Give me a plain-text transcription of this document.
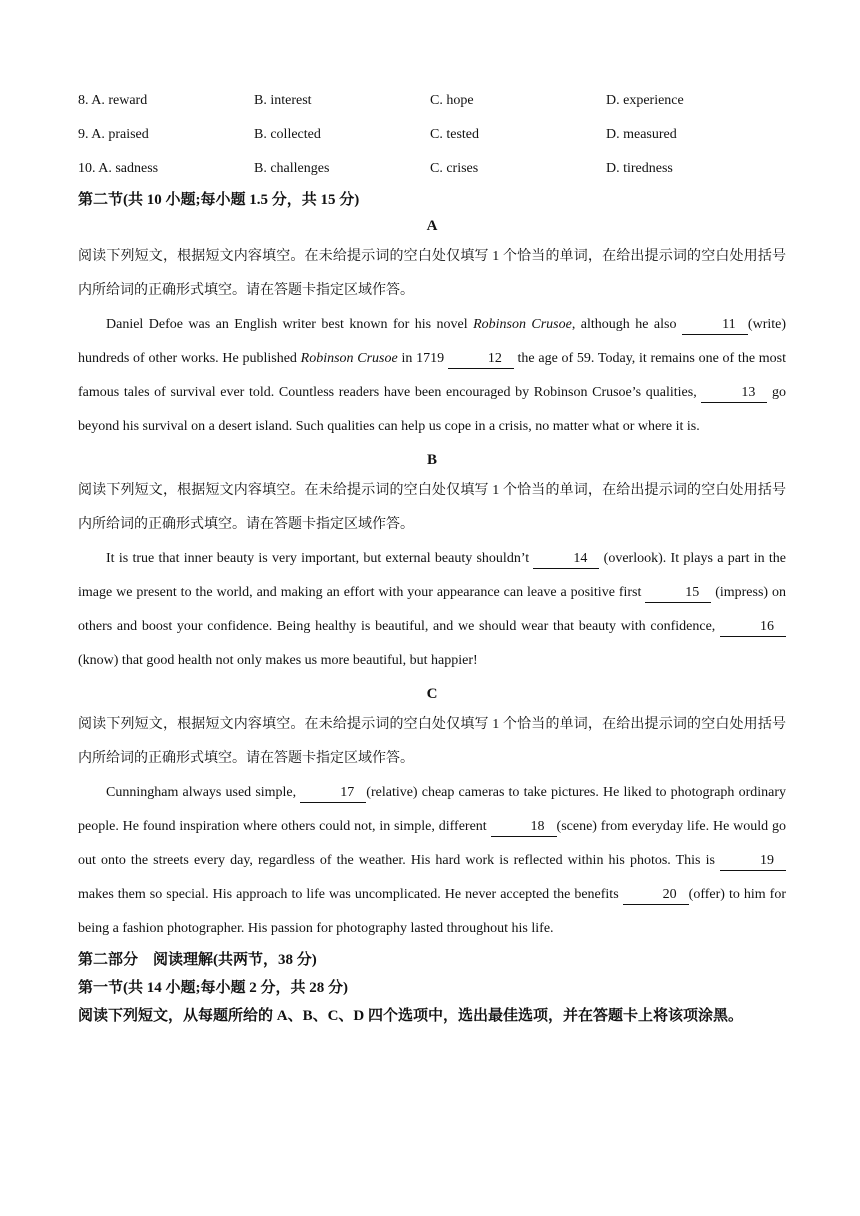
8. A. reward	B. interest	C. hope	D. experience
9. A. praised	B. collected	C. tested	D. measured
10. A. sadness	B. challenges	C. crises	D. tiredness
第二节(共 10 小题;每小题 1.5 分，共 15 分)
A
阅读下列短文，根据短文内容填空。在未给提示词的空白处仅填写 1 个恰当的单词，在给出提示词的空白处用括号内所给词的正确形式填空。请在答题卡指定区域作答。
Daniel Defoe was an English writer best known for his novel Robinson Crusoe, although he also	11 (write) hundreds of other works. He published Robinson Crusoe in 1719	12 the age of 59. Today, it remains one of the most famous tales of survival ever told. Countless readers have been encouraged by Robinson Crusoe’s qualities,	13 go beyond his survival on a desert island. Such qualities can help us cope in a crisis, no matter what or where it is.
B
阅读下列短文，根据短文内容填空。在未给提示词的空白处仅填写 1 个恰当的单词，在给出提示词的空白处用括号内所给词的正确形式填空。请在答题卡指定区域作答。
It is true that inner beauty is very important, but external beauty shouldn’t	14 (overlook). It plays a part in the image we present to the world, and making an effort with your appearance can leave a positive first	15 (impress) on others and boost your confidence. Being healthy is beautiful, and we should wear that beauty with confidence,	16 (know) that good health not only makes us more beautiful, but happier!
C
阅读下列短文，根据短文内容填空。在未给提示词的空白处仅填写 1 个恰当的单词，在给出提示词的空白处用括号内所给词的正确形式填空。请在答题卡指定区域作答。
Cunningham always used simple,	17 (relative) cheap cameras to take pictures. He liked to photograph ordinary people. He found inspiration where others could not, in simple, different	18 (scene) from everyday life. He would go out onto the streets every day, regardless of the weather. His hard work is reflected within his photos. This is	19 makes them so special. His approach to life was uncomplicated. He never accepted the benefits	20 (offer) to him for being a fashion photographer. His passion for photography lasted throughout his life.
第二部分　阅读理解(共两节，38 分)
第一节(共 14 小题;每小题 2 分，共 28 分)
阅读下列短文，从每题所给的 A、B、C、D 四个选项中，选出最佳选项，并在答题卡上将该项涂黑。
